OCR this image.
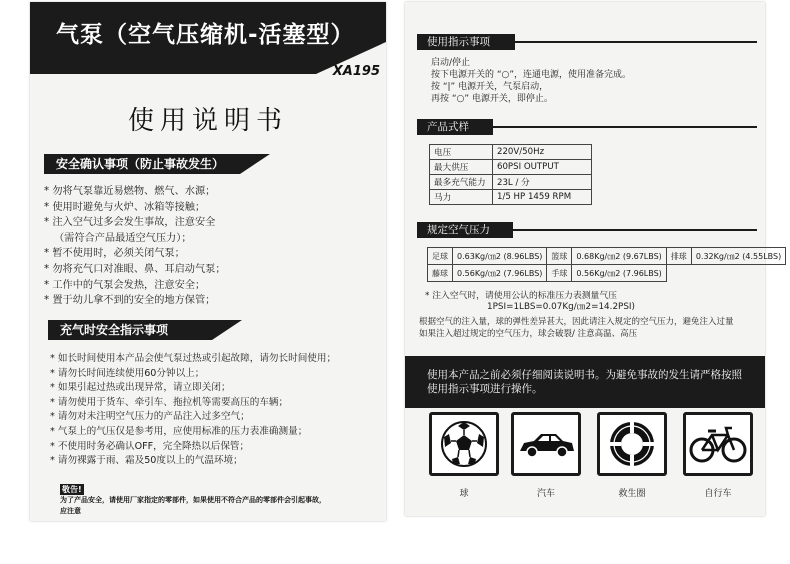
气泵（空气压缩机-活塞型）
XA195
使用说明书
安全确认事项（防止事故发生）
* 勿将气泵靠近易燃物、燃气、水源；
* 使用时避免与火炉、冰箱等接触；
* 注入空气过多会发生事故，注意安全
（需符合产品最适空气压力）；
* 暂不使用时，必须关闭气泵；
* 勿将充气口对准眼、鼻、耳启动气泵；
* 工作中的气泵会发热，注意安全；
* 置于幼儿拿不到的安全的地方保管；
充气时安全指示事项
* 如长时间使用本产品会使气泵过热或引起故障，请勿长时间使用；
* 请勿长时间连续使用60分钟以上；
* 如果引起过热或出现异常，请立即关闭；
* 请勿使用于货车、牵引车、拖拉机等需要高压的车辆；
* 请勿对未注明空气压力的产品注入过多空气；
* 气泵上的气压仅是参考用，应使用标准的压力表准确测量；
* 不使用时务必确认OFF，完全降热以后保管；
* 请勿裸露于雨、霜及50度以上的气温环境；
敬告!
为了产品安全，请使用厂家指定的零部件，如果使用不符合产品的零部件会引起事故，
应注意
使用指示事项
启动/停止
按下电源开关的 “○”，连通电源，使用准备完成。
按 “|” 电源开关，气泵启动，
再按 “○” 电源开关，即停止。
产品式样
电压	220V/50Hz
最大供压	60PSI OUTPUT
最多充气能力	23L / 分
马力	1/5 HP 1459 RPM
规定空气压力
足球	0.63Kg/㎝2 (8.96LBS)	篮球	0.68Kg/㎝2 (9.67LBS)	排球	0.32Kg/㎝2 (4.55LBS)
藤球	0.56Kg/㎝2 (7.96LBS)	手球	0.56Kg/㎝2 (7.96LBS)		
* 注入空气时，请使用公认的标准压力表测量气压
1PSI=1LBS=0.07Kg/㎝2=14.2PSI)
根据空气的注入量，球的弹性差异甚大，因此请注入规定的空气压力，避免注入过量
如果注入超过规定的空气压力，球会破裂/ 注意高温、高压
使用本产品之前必须仔细阅读说明书。为避免事故的发生请严格按照
使用指示事项进行操作。
球	汽车	救生圈	自行车
